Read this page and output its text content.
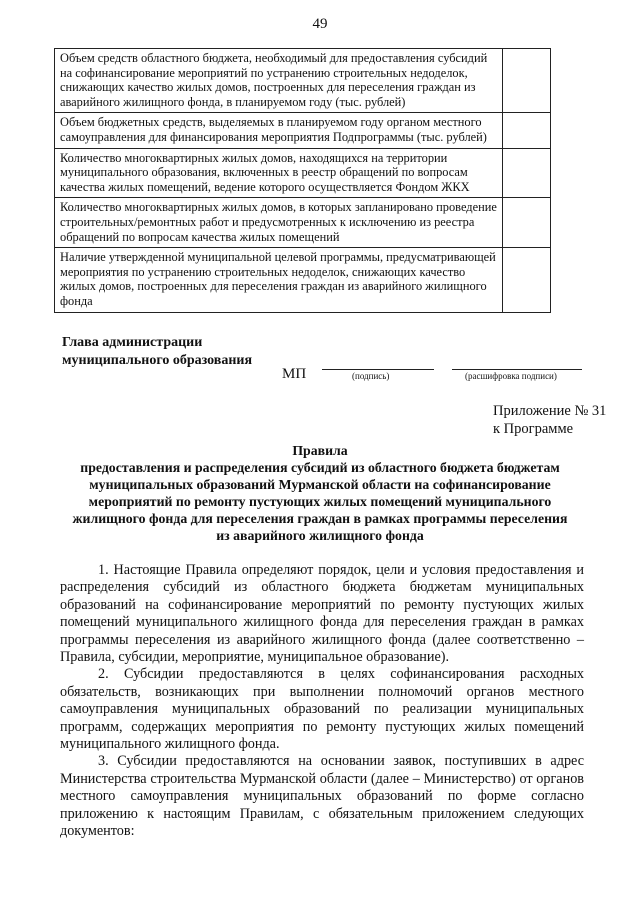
49
Объем средств областного бюджета, необходимый для предоставления субсидий на софинансирование мероприятий по устранению строительных недоделок, снижающих качество жилых домов, построенных для переселения граждан из аварийного жилищного фонда, в планируемом году (тыс. рублей)	
Объем бюджетных средств, выделяемых в планируемом году органом местного самоуправления для финансирования мероприятия Подпрограммы (тыс. рублей)	
Количество многоквартирных жилых домов, находящихся на территории муниципального образования, включенных в реестр обращений по вопросам качества жилых помещений, ведение которого осуществляется Фондом ЖКХ	
Количество многоквартирных жилых домов, в которых запланировано проведение строительных/ремонтных работ и предусмотренных к исключению из реестра обращений по вопросам качества жилых помещений	
Наличие утвержденной муниципальной целевой программы, предусматривающей мероприятия по устранению строительных недоделок, снижающих качество жилых домов, построенных для переселения граждан из аварийного жилищного фонда	
Глава администрации
муниципального образования
МП	(подпись)	(расшифровка подписи)
Приложение № 31
к Программе
Правила
предоставления и распределения субсидий из областного бюджета бюджетам
муниципальных образований Мурманской области на софинансирование
мероприятий по ремонту пустующих жилых помещений муниципального
жилищного фонда для переселения граждан в рамках программы переселения
из аварийного жилищного фонда

1. Настоящие Правила определяют порядок, цели и условия предоставления и распределения субсидий из областного бюджета бюджетам муниципальных образований на софинансирование мероприятий по ремонту пустующих жилых помещений муниципального жилищного фонда для переселения граждан в рамках программы переселения из аварийного жилищного фонда (далее соответственно – Правила, субсидии, мероприятие, муниципальное образование).

2. Субсидии предоставляются в целях софинансирования расходных обязательств, возникающих при выполнении полномочий органов местного самоуправления муниципальных образований по реализации муниципальных программ, содержащих мероприятия по ремонту пустующих жилых помещений муниципального жилищного фонда.

3. Субсидии предоставляются на основании заявок, поступивших в адрес Министерства строительства Мурманской области (далее – Министерство) от органов местного самоуправления муниципальных образований по форме согласно приложению к настоящим Правилам, с обязательным приложением следующих документов:
